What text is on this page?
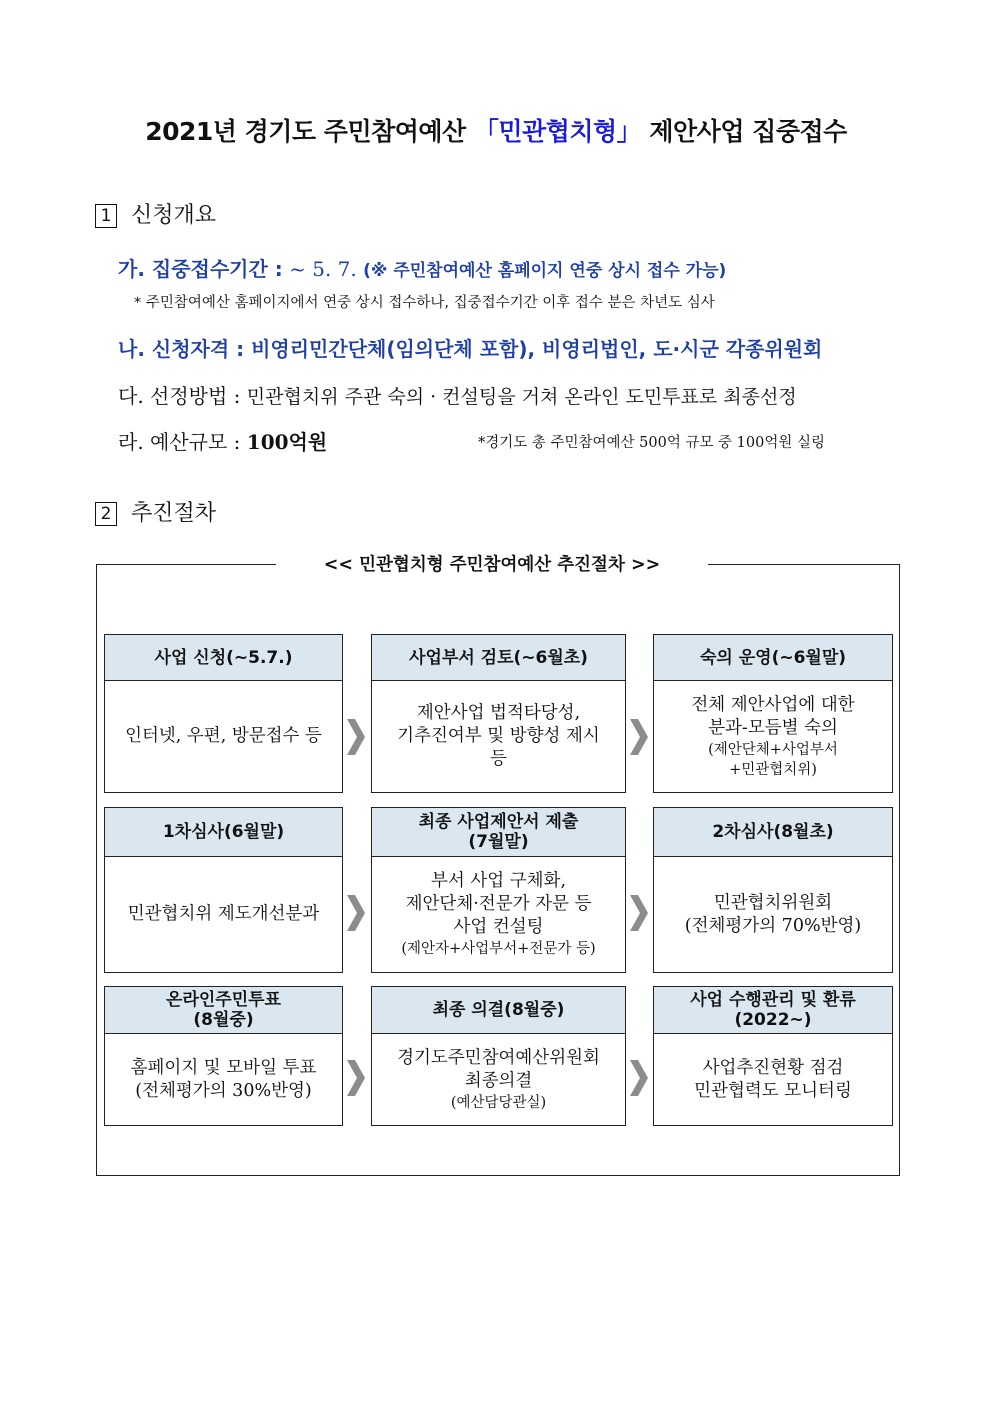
2021년 경기도 주민참여예산 「민관협치형」 제안사업 집중접수
1 신청개요
가. 집중접수기간 : ~ 5. 7. (※ 주민참여예산 홈페이지 연중 상시 접수 가능)
* 주민참여예산 홈페이지에서 연중 상시 접수하나, 집중접수기간 이후 접수 분은 차년도 심사
나. 신청자격 : 비영리민간단체(임의단체 포함), 비영리법인, 도·시군 각종위원회
다. 선정방법 : 민관협치위 주관 숙의 · 컨설팅을 거쳐 온라인 도민투표로 최종선정
라. 예산규모 : 100억원	*경기도 총 주민참여예산 500억 규모 중 100억원 실링
2 추진절차
<< 민관협치형 주민참여예산 추진절차 >>
사업 신청(~5.7.)
인터넷, 우편, 방문접수 등
사업부서 검토(~6월초)
제안사업 법적타당성,
기추진여부 및 방향성 제시
등
숙의 운영(~6월말)
전체 제안사업에 대한
분과-모듬별 숙의
(제안단체+사업부서
+민관협치위)
1차심사(6월말)
민관협치위 제도개선분과
최종 사업제안서 제출
(7월말)
부서 사업 구체화,
제안단체·전문가 자문 등
사업 컨설팅
(제안자+사업부서+전문가 등)
2차심사(8월초)
민관협치위원회
(전체평가의 70%반영)
온라인주민투표
(8월중)
홈페이지 및 모바일 투표
(전체평가의 30%반영)
최종 의결(8월중)
경기도주민참여예산위원회
최종의결
(예산담당관실)
사업 수행관리 및 환류
(2022~)
사업추진현황 점검
민관협력도 모니터링
